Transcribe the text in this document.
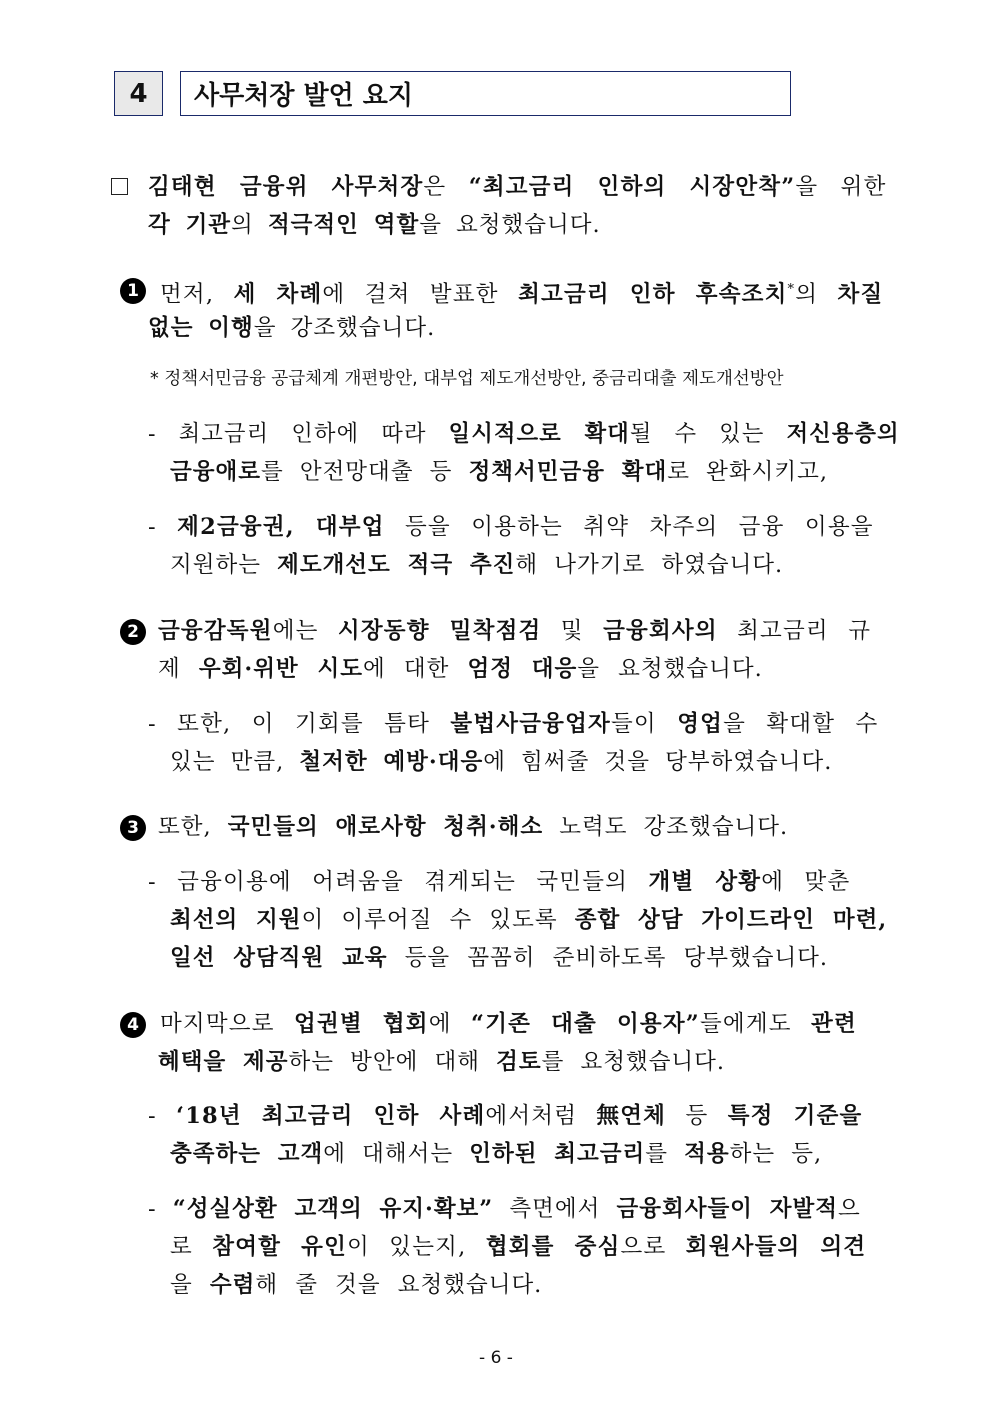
4 사무처장 발언 요지
김태현 금융위 사무처장은 “최고금리 인하의 시장안착”을 위한
각 기관의 적극적인 역할을 요청했습니다.
1 먼저, 세 차례에 걸쳐 발표한 최고금리 인하 후속조치*의 차질
없는 이행을 강조했습니다.
* 정책서민금융 공급체계 개편방안, 대부업 제도개선방안, 중금리대출 제도개선방안
- 최고금리 인하에 따라 일시적으로 확대될 수 있는 저신용층의
금융애로를 안전망대출 등 정책서민금융 확대로 완화시키고,
- 제2금융권, 대부업 등을 이용하는 취약 차주의 금융 이용을
지원하는 제도개선도 적극 추진해 나가기로 하였습니다.
2 금융감독원에는 시장동향 밀착점검 및 금융회사의 최고금리 규
제 우회·위반 시도에 대한 엄정 대응을 요청했습니다.
- 또한, 이 기회를 틈타 불법사금융업자들이 영업을 확대할 수
있는 만큼, 철저한 예방·대응에 힘써줄 것을 당부하였습니다.
3 또한, 국민들의 애로사항 청취·해소 노력도 강조했습니다.
- 금융이용에 어려움을 겪게되는 국민들의 개별 상황에 맞춘
최선의 지원이 이루어질 수 있도록 종합 상담 가이드라인 마련,
일선 상담직원 교육 등을 꼼꼼히 준비하도록 당부했습니다.
4 마지막으로 업권별 협회에 “기존 대출 이용자”들에게도 관련
혜택을 제공하는 방안에 대해 검토를 요청했습니다.
- ‘18년 최고금리 인하 사례에서처럼 無연체 등 특정 기준을
충족하는 고객에 대해서는 인하된 최고금리를 적용하는 등,
- “성실상환 고객의 유지·확보” 측면에서 금융회사들이 자발적으
로 참여할 유인이 있는지, 협회를 중심으로 회원사들의 의견
을 수렴해 줄 것을 요청했습니다.
- 6 -
